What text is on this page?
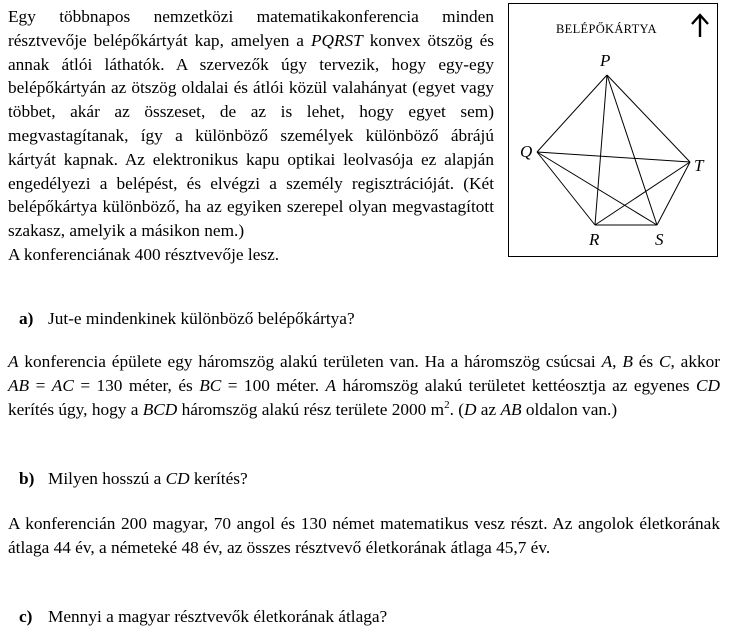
Egy többnapos nemzetközi matematikakonferencia minden résztvevője belépőkártyát kap, amelyen a PQRST konvex ötszög és annak átlói láthatók. A szervezők úgy tervezik, hogy egy-egy belépőkártyán az ötszög oldalai és átlói közül valahányat (egyet vagy többet, akár az összeset, de az is lehet, hogy egyet sem) megvastagítanak, így a különböző személyek különböző ábrájú kártyát kapnak. Az elektronikus kapu optikai leolvasója ez alapján engedélyezi a belépést, és elvégzi a személy regisztrációját. (Két belépőkártya különböző, ha az egyiken szerepel olyan megvastagított szakasz, amelyik a másikon nem.)

A konferenciának 400 résztvevője lesz.

BELÉPŐKÁRTYA
P
Q
T
R	S
a) Jut-e mindenkinek különböző belépőkártya?

A konferencia épülete egy háromszög alakú területen van. Ha a háromszög csúcsai A, B és C, akkor AB = AC = 130 méter, és BC = 100 méter. A háromszög alakú területet kettéosztja az egyenes CD kerítés úgy, hogy a BCD háromszög alakú rész területe 2000 $m^2$. (D az AB oldalon van.)

b) Milyen hosszú a CD kerítés?

A konferencián 200 magyar, 70 angol és 130 német matematikus vesz részt. Az angolok életkorának átlaga 44 év, a németeké 48 év, az összes résztvevő életkorának átlaga 45,7 év.

c) Mennyi a magyar résztvevők életkorának átlaga?
